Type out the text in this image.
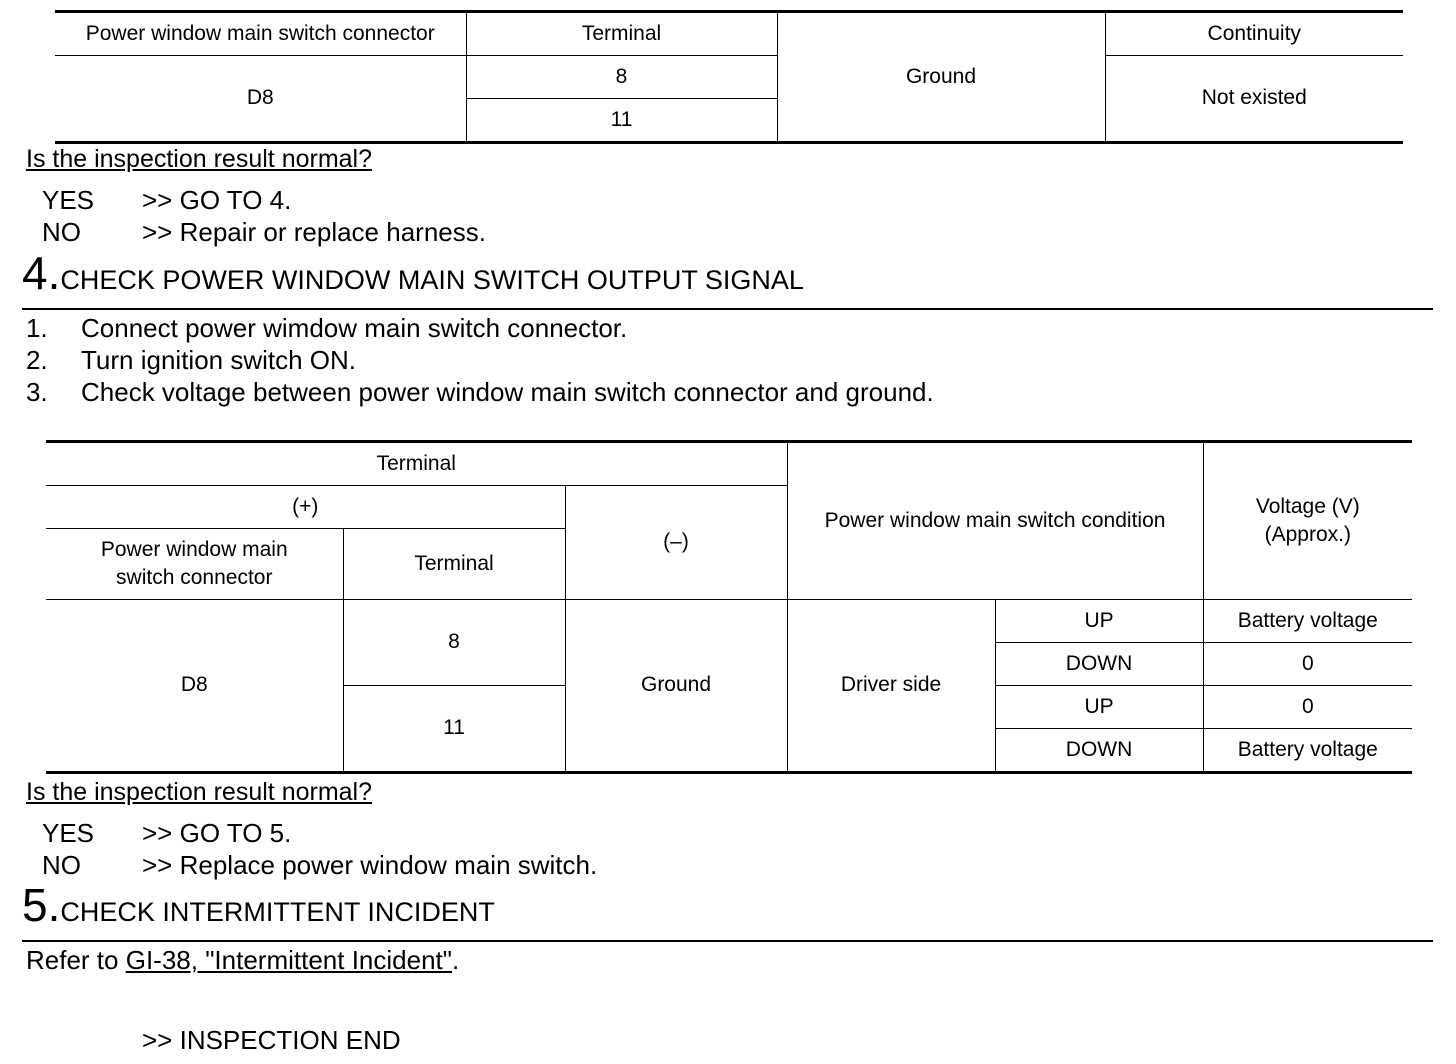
Power window main switch connector	Terminal	Ground	Continuity
D8	8		Not existed
	11		
Is the inspection result normal?
YES >> GO TO 4.
NO >> Repair or replace harness.
4.CHECK POWER WINDOW MAIN SWITCH OUTPUT SIGNAL
1. Connect power wimdow main switch connector.
2. Turn ignition switch ON.
3. Check voltage between power window main switch connector and ground.
Terminal			Power window main switch condition		Voltage (V)
(Approx.)
(+)		(–)			
Power window main
switch connector	Terminal				
D8	8	Ground	Driver side	UP	Battery voltage
				DOWN	0
	11			UP	0
				DOWN	Battery voltage
Is the inspection result normal?
YES >> GO TO 5.
NO >> Replace power window main switch.
5.CHECK INTERMITTENT INCIDENT
Refer to GI-38, "Intermittent Incident".
>> INSPECTION END
